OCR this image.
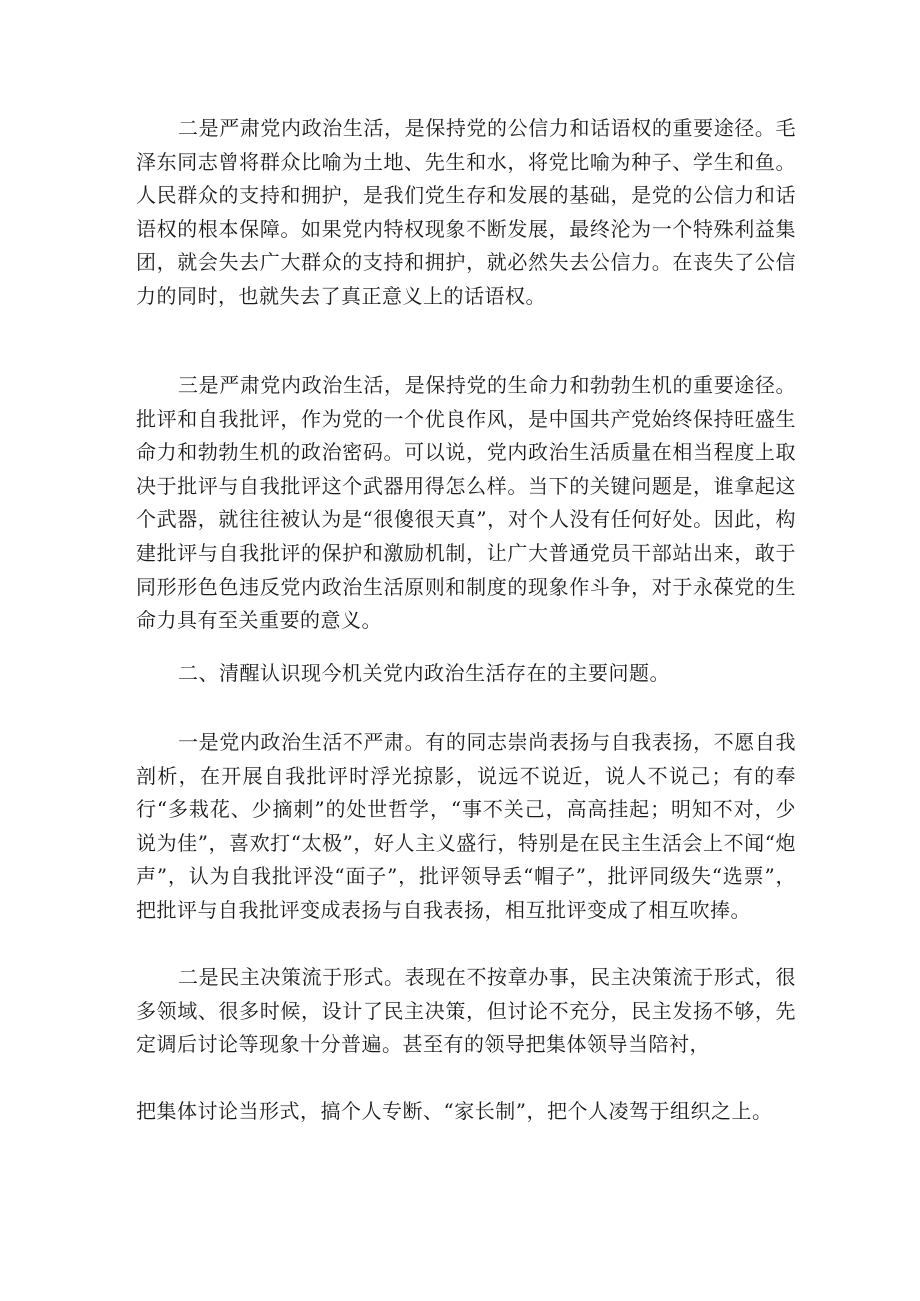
二是严肃党内政治生活，是保持党的公信力和话语权的重要途径。毛泽东同志曾将群众比喻为土地、先生和水，将党比喻为种子、学生和鱼。人民群众的支持和拥护，是我们党生存和发展的基础，是党的公信力和话语权的根本保障。如果党内特权现象不断发展，最终沦为一个特殊利益集团，就会失去广大群众的支持和拥护，就必然失去公信力。在丧失了公信力的同时，也就失去了真正意义上的话语权。

三是严肃党内政治生活，是保持党的生命力和勃勃生机的重要途径。批评和自我批评，作为党的一个优良作风，是中国共产党始终保持旺盛生命力和勃勃生机的政治密码。可以说，党内政治生活质量在相当程度上取决于批评与自我批评这个武器用得怎么样。当下的关键问题是，谁拿起这个武器，就往往被认为是“很傻很天真”，对个人没有任何好处。因此，构建批评与自我批评的保护和激励机制，让广大普通党员干部站出来，敢于同形形色色违反党内政治生活原则和制度的现象作斗争，对于永葆党的生命力具有至关重要的意义。

二、清醒认识现今机关党内政治生活存在的主要问题。

一是党内政治生活不严肃。有的同志崇尚表扬与自我表扬，不愿自我剖析，在开展自我批评时浮光掠影，说远不说近，说人不说己；有的奉行“多栽花、少摘刺”的处世哲学，“事不关己，高高挂起；明知不对，少说为佳”，喜欢打“太极”，好人主义盛行，特别是在民主生活会上不闻“炮声”，认为自我批评没“面子”，批评领导丢“帽子”，批评同级失“选票”，把批评与自我批评变成表扬与自我表扬，相互批评变成了相互吹捧。

二是民主决策流于形式。表现在不按章办事，民主决策流于形式，很多领域、很多时候，设计了民主决策，但讨论不充分，民主发扬不够，先定调后讨论等现象十分普遍。甚至有的领导把集体领导当陪衬，

把集体讨论当形式，搞个人专断、“家长制”，把个人凌驾于组织之上。
